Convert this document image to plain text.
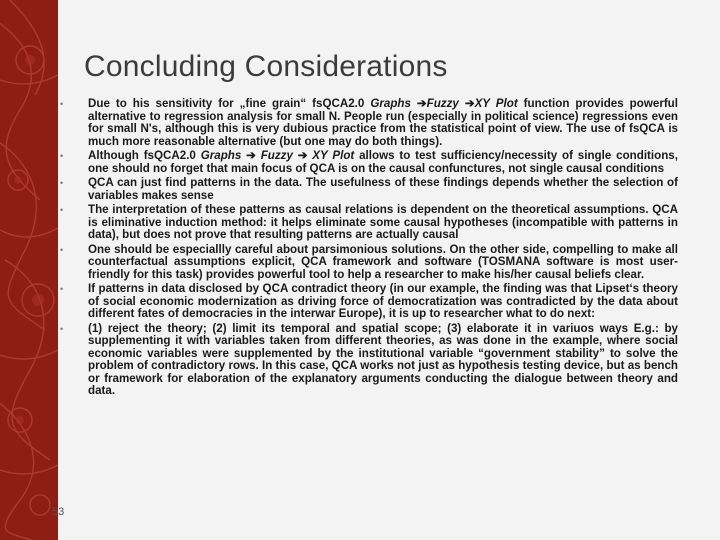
Concluding Considerations
•	Due to his sensitivity for „fine grain“ fsQCA2.0 Graphs ➔Fuzzy ➔XY Plot function provides powerful alternative to regression analysis for small N. People run (especially in political science) regressions even for small N's, although this is very dubious practice from the statistical point of view. The use of fsQCA is much more reasonable alternative (but one may do both things).
•	Although fsQCA2.0 Graphs ➔ Fuzzy ➔ XY Plot allows to test sufficiency/necessity of single conditions, one should no forget that main focus of QCA is on the causal confunctures, not single causal conditions
•	QCA can just find patterns in the data. The usefulness of these findings depends whether the selection of variables makes sense
•	The interpretation of these patterns as causal relations is dependent on the theoretical assumptions. QCA is eliminative induction method: it helps eliminate some causal hypotheses (incompatible with patterns in data), but does not prove that resulting patterns are actually causal
•	One should be especiallly careful about parsimonious solutions. On the other side, compelling to make all counterfactual assumptions explicit, QCA framework and software (TOSMANA software is most user-friendly for this task) provides powerful tool to help a researcher to make his/her causal beliefs clear.
•	If patterns in data disclosed by QCA contradict theory (in our example, the finding was that Lipset‘s theory of social economic modernization as driving force of democratization was contradicted by the data about different fates of democracies in the interwar Europe), it is up to researcher what to do next:
•	(1) reject the theory; (2) limit its temporal and spatial scope; (3) elaborate it in variuos ways E.g.: by supplementing it with variables taken from different theories, as was done in the example, where social economic variables were supplemented by the institutional variable “government stability” to solve the problem of contradictory rows. In this case, QCA works not just as hypothesis testing device, but as bench or framework for elaboration of the explanatory arguments conducting the dialogue between theory and data.
53
